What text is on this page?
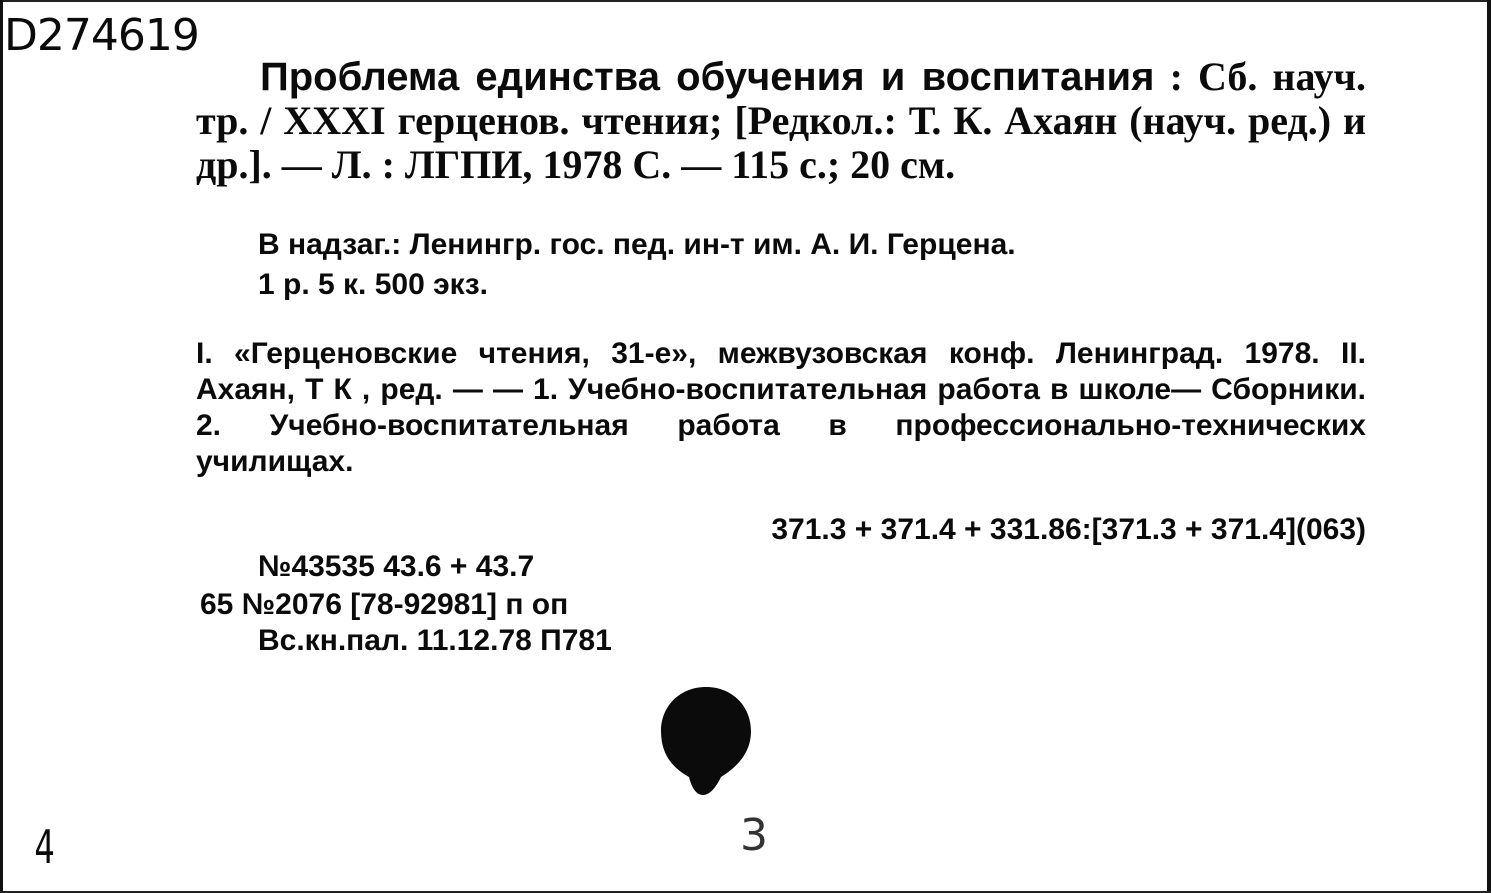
D274619
Проблема единства обучения и воспитания : Сб. науч. тр. / XXXI герценов. чтения; [Редкол.: Т. К. Ахаян (науч. ред.) и др.]. — Л. : ЛГПИ, 1978 С. — 115 с.; 20 см.
В надзаг.: Ленингр. гос. пед. ин-т им. А. И. Герцена.
1 р. 5 к. 500 экз.
I. «Герценовские чтения, 31-е», межвузовская конф. Ленинград. 1978. II. Ахаян, Т К , ред. — — 1. Учебно-воспитательная работа в школе— Сборники. 2. Учебно-воспитательная работа в профессионально-технических училищах.
371.3 + 371.4 + 331.86:[371.3 + 371.4](063)
№43535 43.6 + 43.7
65 №2076 [78-92981] п оп
Вс.кн.пал. 11.12.78 П781
4	3
